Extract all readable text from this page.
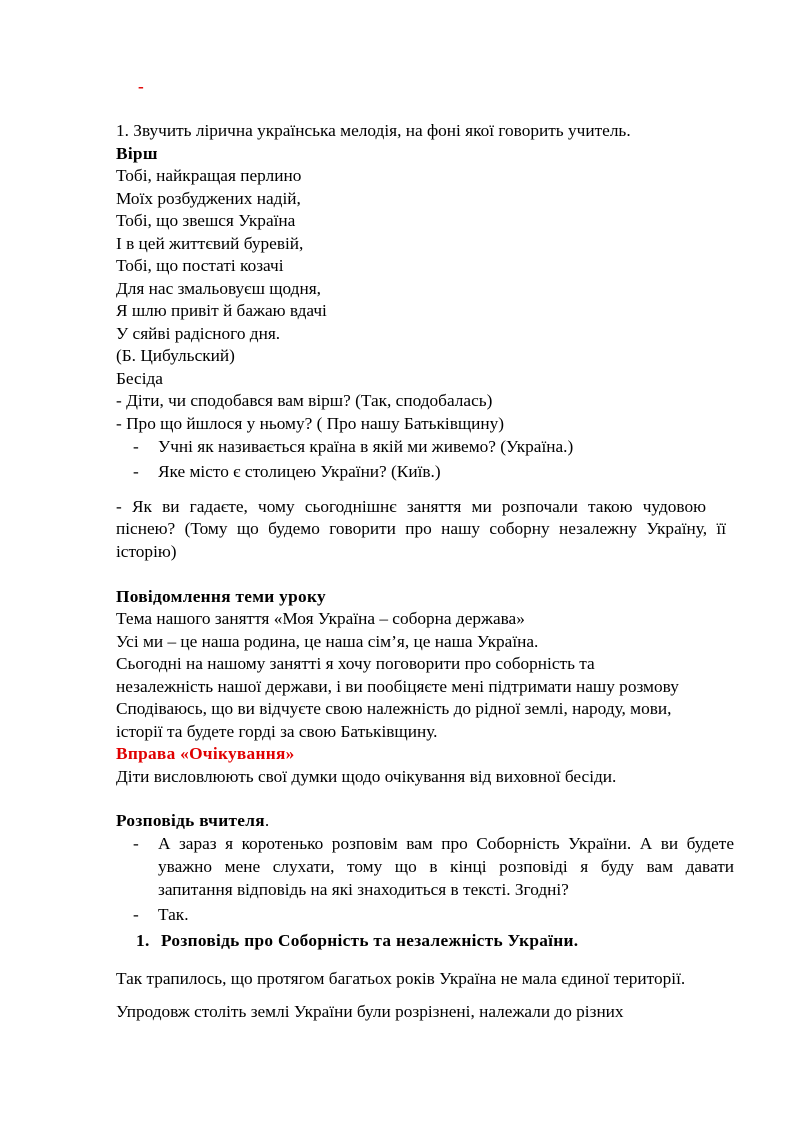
-
1. Звучить лірична українська мелодія, на фоні якої говорить учитель.
Вірш
Тобі, найкращая перлино
Моїх розбуджених надій,
Тобі, що звешся Україна
І в цей життєвий буревій,
Тобі, що постаті козачі
Для нас змальовуєш щодня,
Я шлю привіт й бажаю вдачі
У сяйві радісного дня.
(Б. Цибульский)
Бесіда
- Діти, чи сподобався вам вірш? (Так, сподобалась)
- Про що йшлося у ньому? ( Про нашу Батьківщину)
- Учні як називається країна в якій ми живемо? (Україна.)
- Яке місто є столицею України? (Київ.)
- Як ви гадаєте, чому сьогоднішнє заняття ми розпочали такою чудовою
піснею? (Тому що будемо говорити про нашу соборну незалежну Україну, її
історію)
Повідомлення теми уроку
Тема нашого заняття «Моя Україна – соборна держава»
Усі ми – це наша родина, це наша сім’я, це наша Україна.
Сьогодні на нашому занятті я хочу поговорити про соборність та
незалежність нашої держави, і ви пообіцяєте мені підтримати нашу розмову
Сподіваюсь, що ви відчуєте свою належність до рідної землі, народу, мови,
історії та будете горді за свою Батьківщину.
Вправа «Очікування»
Діти висловлюють свої думки щодо очікування від виховної бесіди.
Розповідь вчителя.
- А зараз я коротенько розповім вам про Соборність України. А ви будете
уважно мене слухати, тому що в кінці розповіді я буду вам давати
запитання відповідь на які знаходиться в тексті. Згодні?
- Так.
1. Розповідь про Соборність та незалежність України.
Так трапилось, що протягом багатьох років Україна не мала єдиної території.
Упродовж століть землі України були розрізнені, належали до різних
